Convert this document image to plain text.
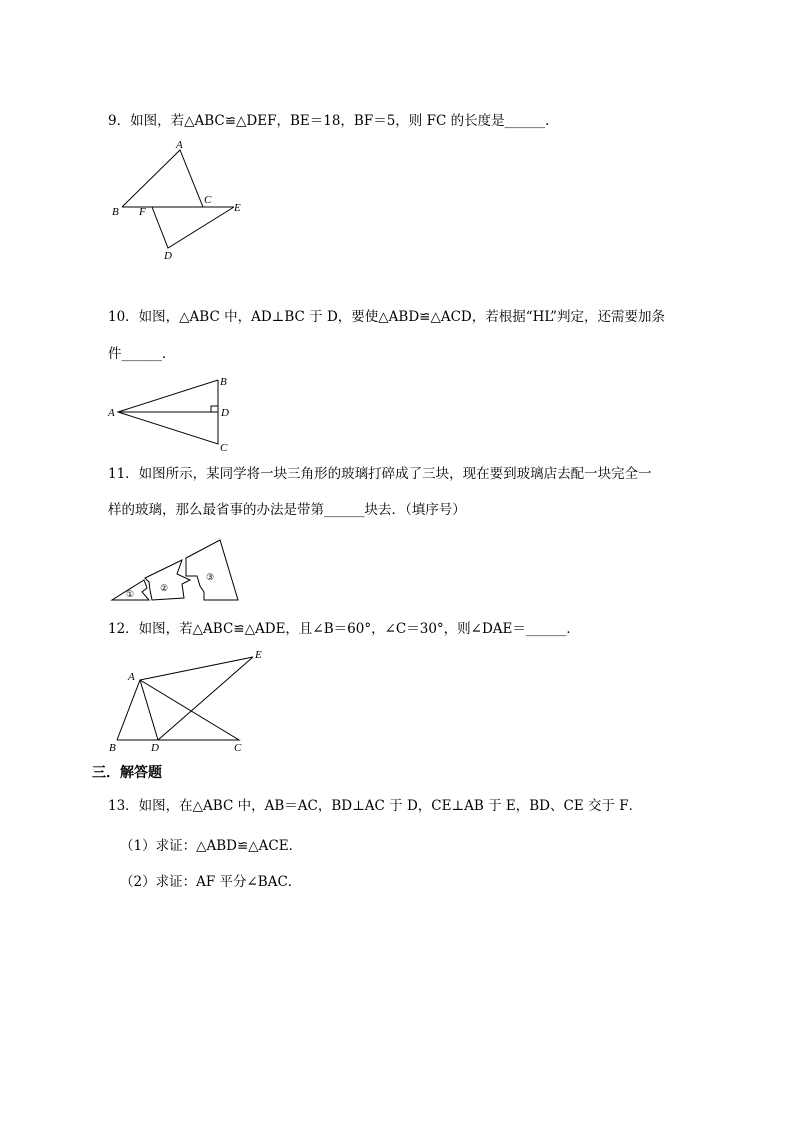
9．如图，若△ABC≌△DEF，BE＝18，BF＝5，则 FC 的长度是______．
A
B F
C
E
D
10．如图，△ABC 中，AD⊥BC 于 D，要使△ABD≌△ACD，若根据“HL”判定，还需要加条
件______．
A
B
D
C
11．如图所示，某同学将一块三角形的玻璃打碎成了三块，现在要到玻璃店去配一块完全一
样的玻璃，那么最省事的办法是带第______块去．（填序号）
①
②
③
12．如图，若△ABC≌△ADE，且∠B＝60°，∠C＝30°，则∠DAE＝______．
A
E
B	D	C
三．解答题
13．如图，在△ABC 中，AB＝AC，BD⊥AC 于 D，CE⊥AB 于 E，BD、CE 交于 F．
（1）求证：△ABD≌△ACE．
（2）求证：AF 平分∠BAC．
